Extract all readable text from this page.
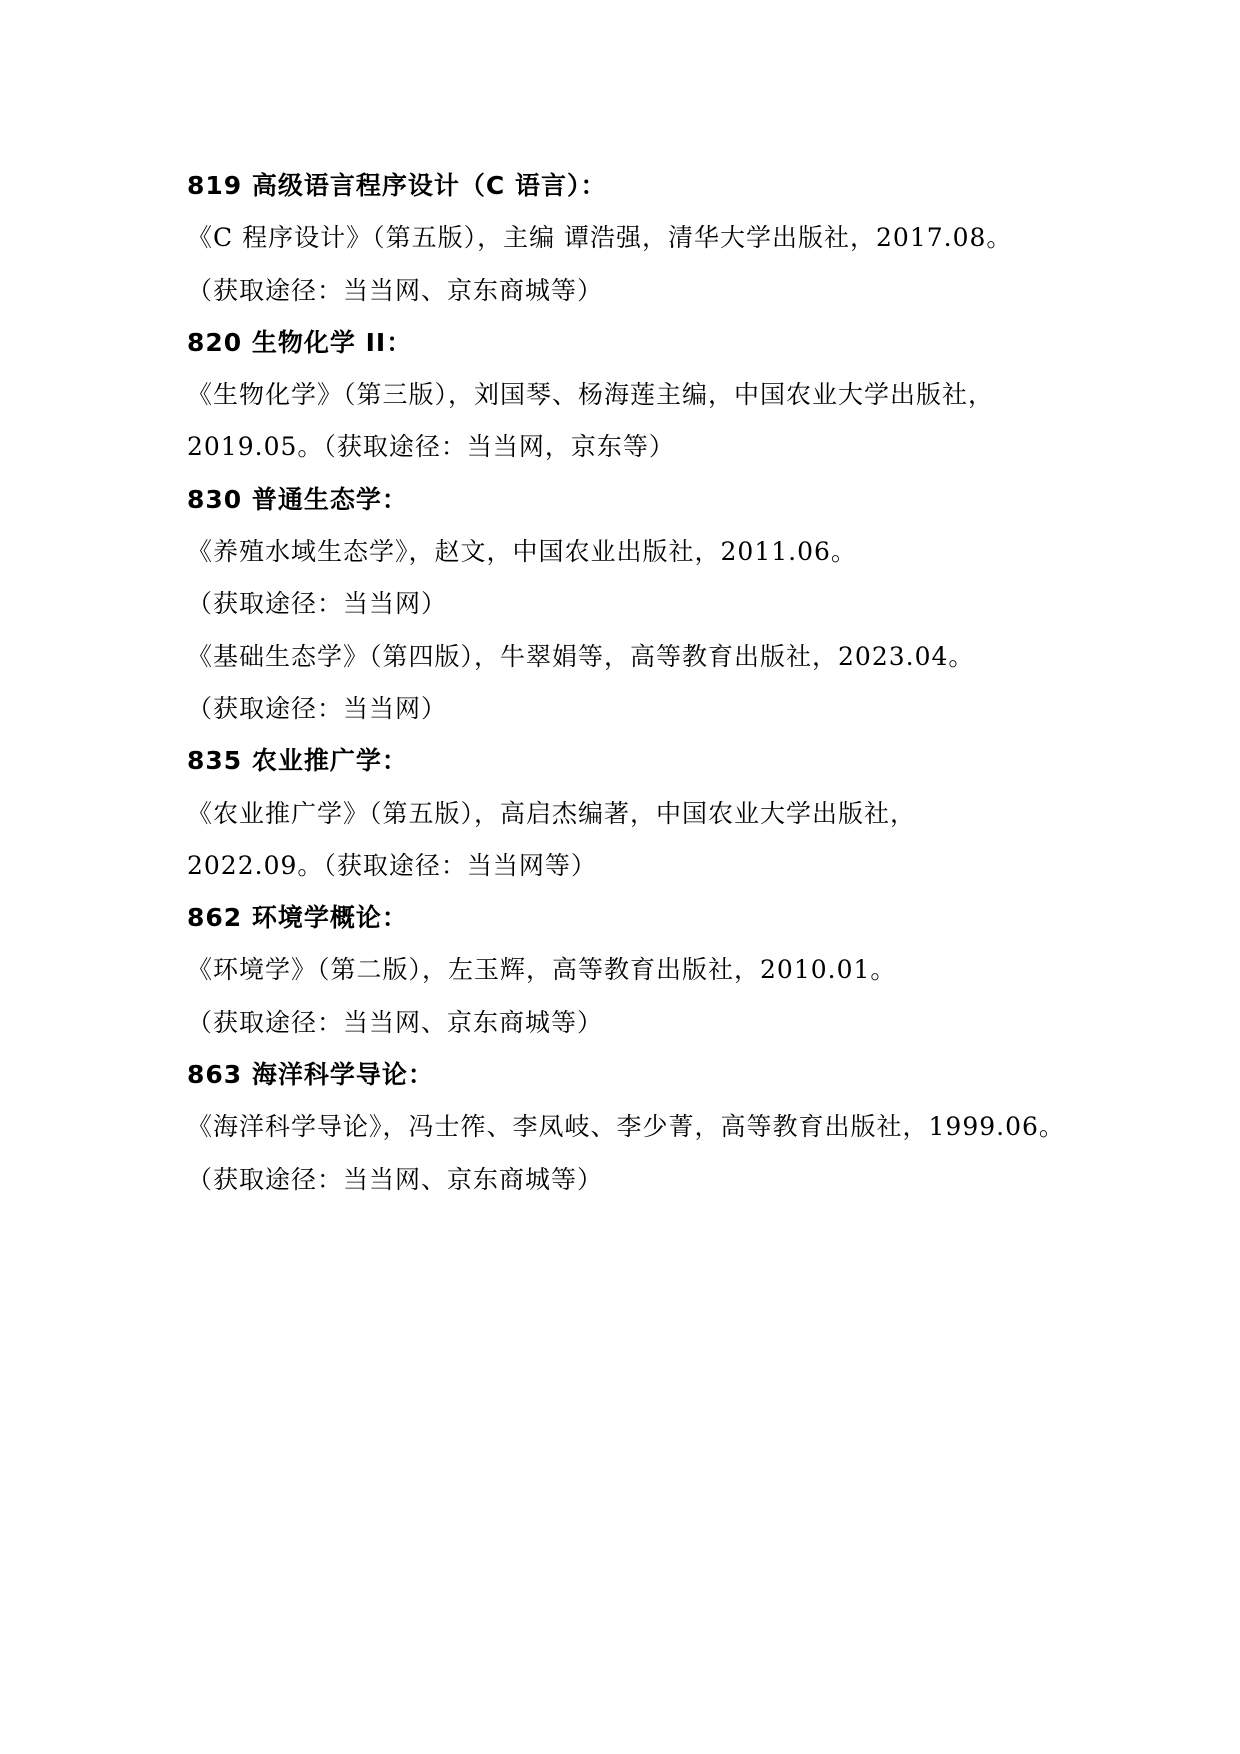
819 高级语言程序设计（C 语言）：
《C 程序设计》（第五版），主编 谭浩强，清华大学出版社，2017.08。
（获取途径：当当网、京东商城等）
820 生物化学 II：
《生物化学》（第三版），刘国琴、杨海莲主编，中国农业大学出版社，
2019.05。（获取途径：当当网，京东等）
830 普通生态学：
《养殖水域生态学》，赵文，中国农业出版社，2011.06。
（获取途径：当当网）
《基础生态学》（第四版），牛翠娟等，高等教育出版社，2023.04。
（获取途径：当当网）
835 农业推广学：
《农业推广学》（第五版），高启杰编著，中国农业大学出版社，
2022.09。（获取途径：当当网等）
862 环境学概论：
《环境学》（第二版），左玉辉，高等教育出版社，2010.01。
（获取途径：当当网、京东商城等）
863 海洋科学导论：
《海洋科学导论》，冯士筰、李凤岐、李少菁，高等教育出版社，1999.06。
（获取途径：当当网、京东商城等）
